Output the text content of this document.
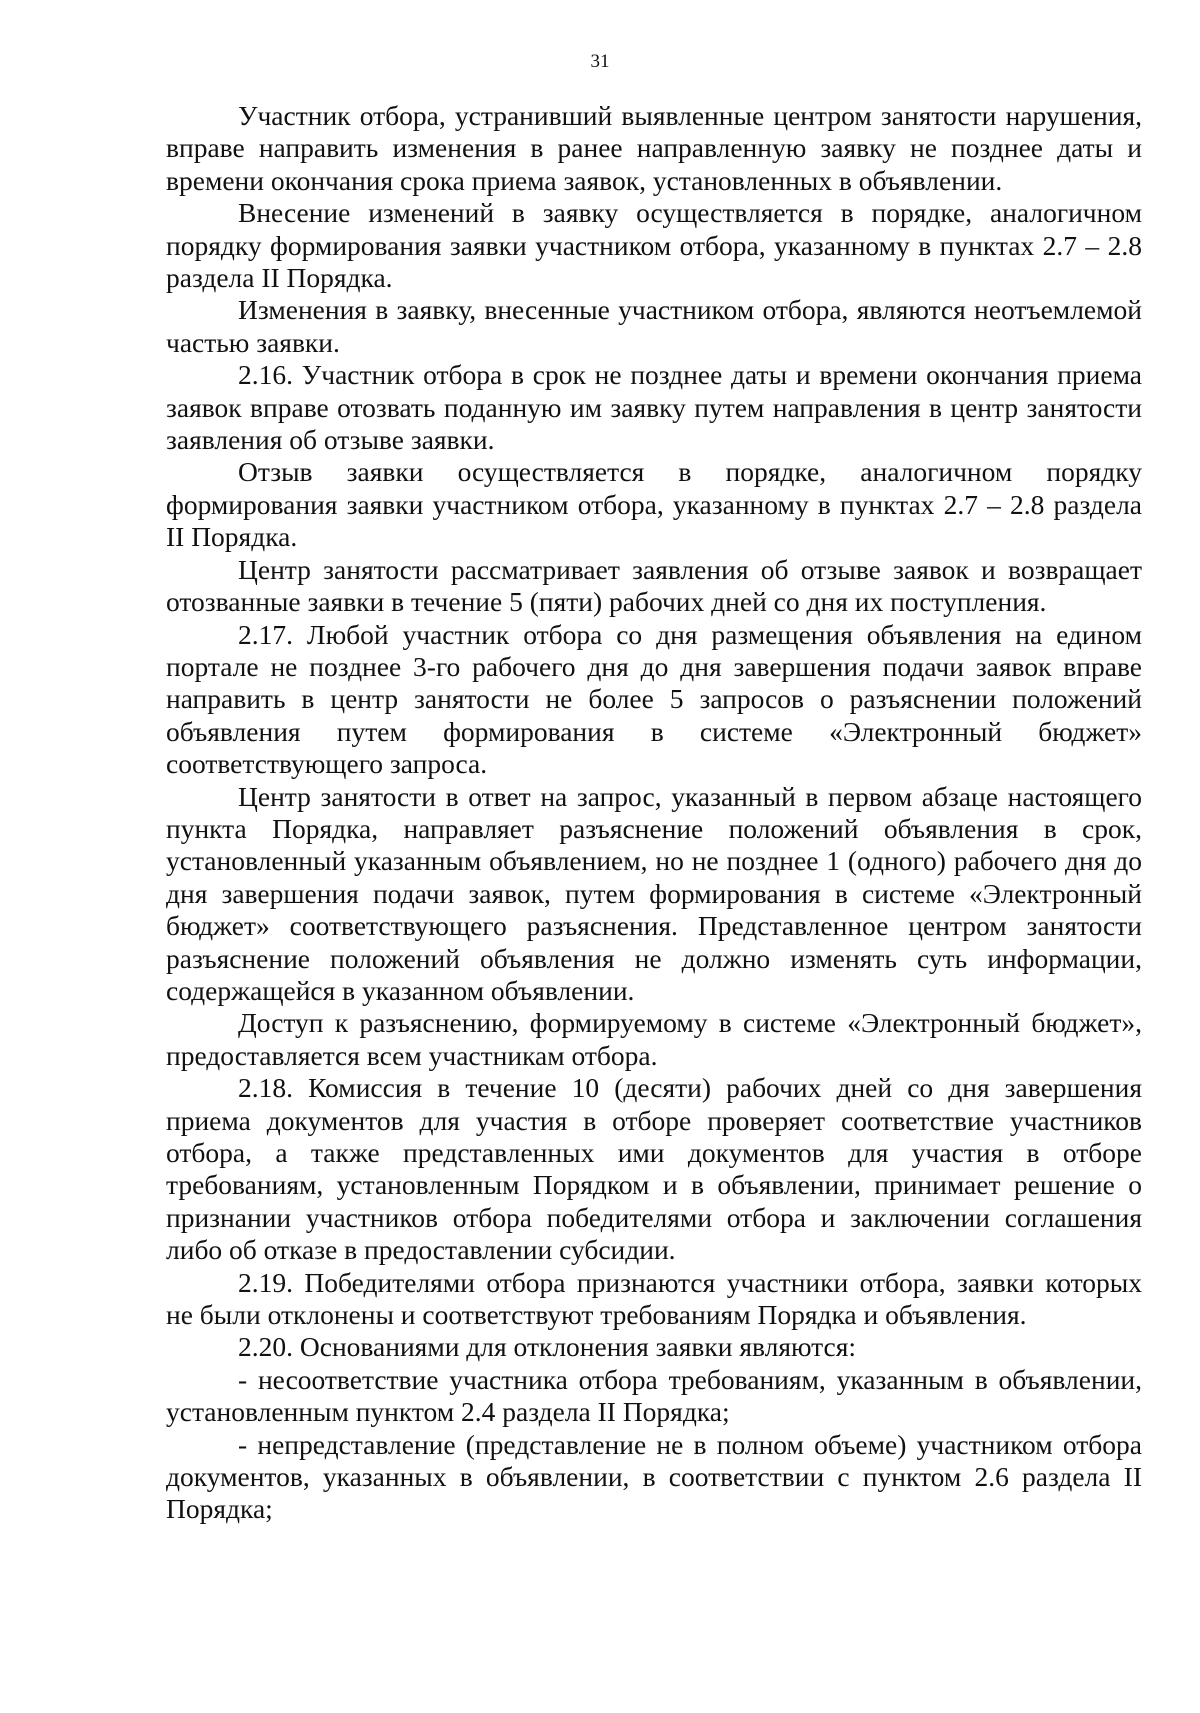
31

Участник отбора, устранивший выявленные центром занятости нарушения, вправе направить изменения в ранее направленную заявку не позднее даты и времени окончания срока приема заявок, установленных в объявлении.

Внесение изменений в заявку осуществляется в порядке, аналогичном порядку формирования заявки участником отбора, указанному в пунктах 2.7 – 2.8 раздела II Порядка.

Изменения в заявку, внесенные участником отбора, являются неотъемлемой частью заявки.

2.16. Участник отбора в срок не позднее даты и времени окончания приема заявок вправе отозвать поданную им заявку путем направления в центр занятости заявления об отзыве заявки.

Отзыв заявки осуществляется в порядке, аналогичном порядку формирования заявки участником отбора, указанному в пунктах 2.7 – 2.8 раздела II Порядка.

Центр занятости рассматривает заявления об отзыве заявок и возвращает отозванные заявки в течение 5 (пяти) рабочих дней со дня их поступления.

2.17. Любой участник отбора со дня размещения объявления на едином портале не позднее 3-го рабочего дня до дня завершения подачи заявок вправе направить в центр занятости не более 5 запросов о разъяснении положений объявления путем формирования в системе «Электронный бюджет» соответствующего запроса.

Центр занятости в ответ на запрос, указанный в первом абзаце настоящего пункта Порядка, направляет разъяснение положений объявления в срок, установленный указанным объявлением, но не позднее 1 (одного) рабочего дня до дня завершения подачи заявок, путем формирования в системе «Электронный бюджет» соответствующего разъяснения. Представленное центром занятости разъяснение положений объявления не должно изменять суть информации, содержащейся в указанном объявлении.

Доступ к разъяснению, формируемому в системе «Электронный бюджет», предоставляется всем участникам отбора.

2.18. Комиссия в течение 10 (десяти) рабочих дней со дня завершения приема документов для участия в отборе проверяет соответствие участников отбора, а также представленных ими документов для участия в отборе требованиям, установленным Порядком и в объявлении, принимает решение о признании участников отбора победителями отбора и заключении соглашения либо об отказе в предоставлении субсидии.

2.19. Победителями отбора признаются участники отбора, заявки которых не были отклонены и соответствуют требованиям Порядка и объявления.

2.20. Основаниями для отклонения заявки являются:

- несоответствие участника отбора требованиям, указанным в объявлении, установленным пунктом 2.4 раздела II Порядка;

- непредставление (представление не в полном объеме) участником отбора документов, указанных в объявлении, в соответствии с пунктом 2.6 раздела II Порядка;
